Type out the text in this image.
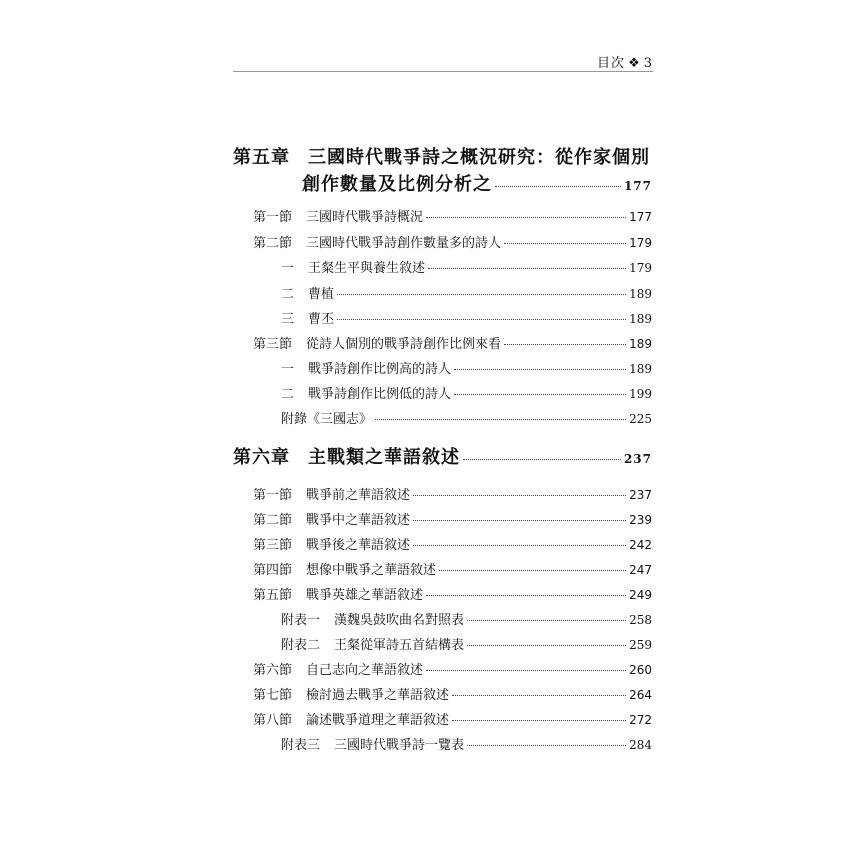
目次 ❖ 3
第五章 三國時代戰爭詩之概況研究：從作家個別
創作數量及比例分析之	177
第一節 三國時代戰爭詩概況	177
第二節 三國時代戰爭詩創作數量多的詩人	179
一 王粲生平與養生敘述	179
二 曹植	189
三 曹丕	189
第三節 從詩人個別的戰爭詩創作比例來看	189
一 戰爭詩創作比例高的詩人	189
二 戰爭詩創作比例低的詩人	199
附錄《三國志》	225
第六章 主戰類之華語敘述	237
第一節 戰爭前之華語敘述	237
第二節 戰爭中之華語敘述	239
第三節 戰爭後之華語敘述	242
第四節 想像中戰爭之華語敘述	247
第五節 戰爭英雄之華語敘述	249
附表一 漢魏吳鼓吹曲名對照表	258
附表二 王粲從軍詩五首結構表	259
第六節 自己志向之華語敘述	260
第七節 檢討過去戰爭之華語敘述	264
第八節 論述戰爭道理之華語敘述	272
附表三 三國時代戰爭詩一覽表	284
